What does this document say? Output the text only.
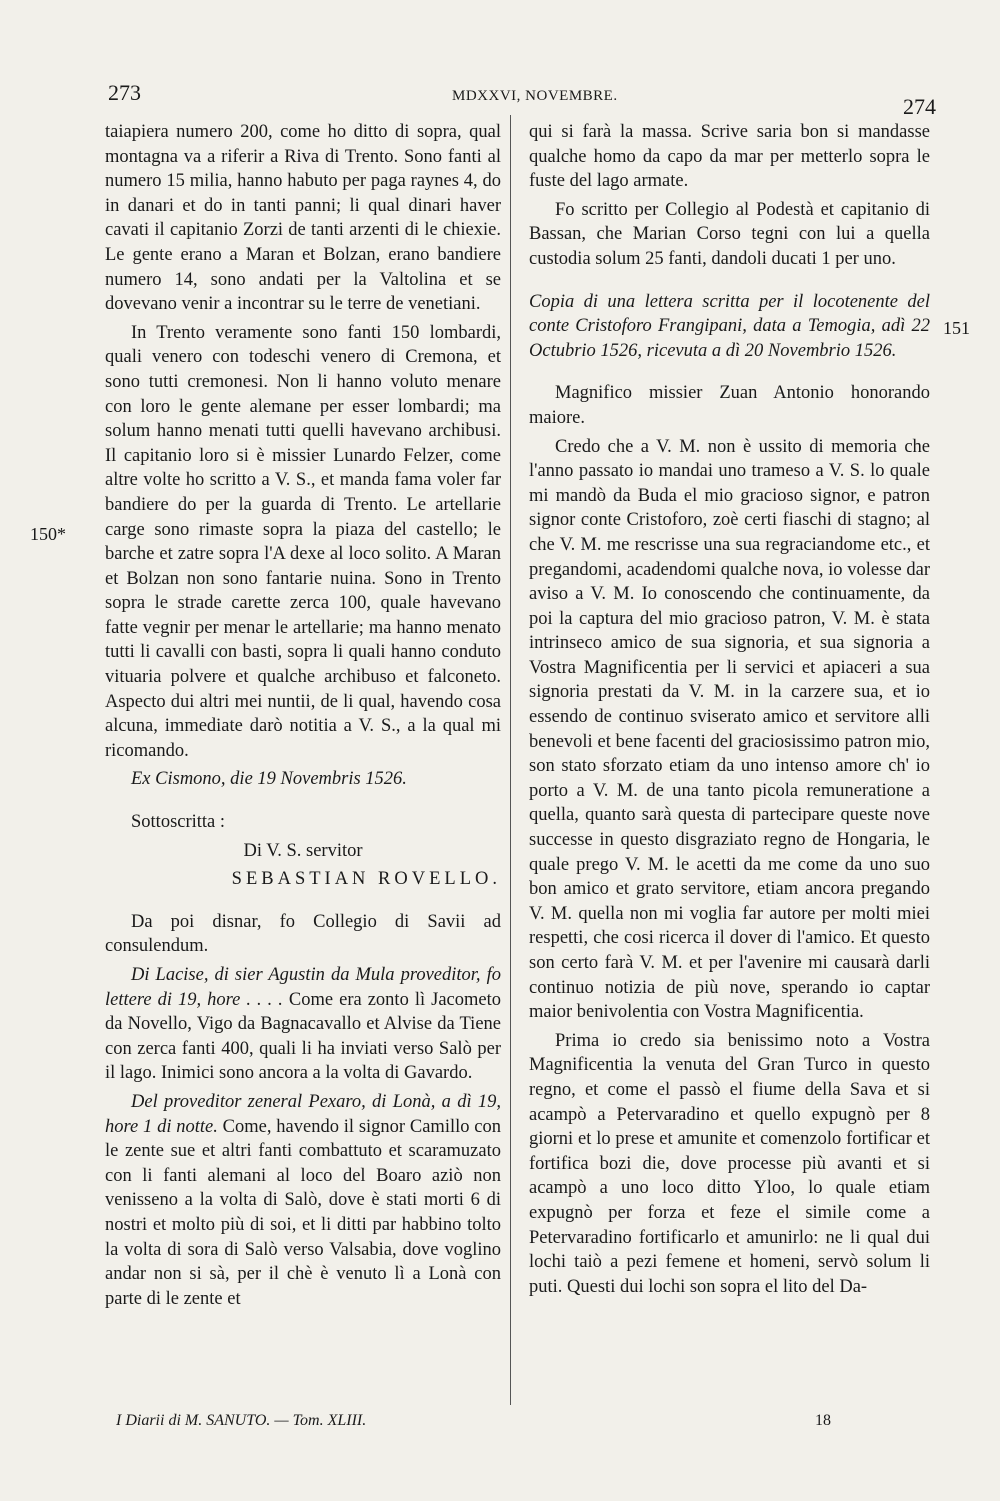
273	MDXXVI, NOVEMBRE.	274
150*
151

taiapiera numero 200, come ho ditto di sopra, qual montagna va a riferir a Riva di Trento. Sono fanti al numero 15 milia, hanno habuto per paga raynes 4, do in danari et do in tanti panni; li qual dinari haver cavati il capitanio Zorzi de tanti arzenti di le chiexie. Le gente erano a Maran et Bolzan, erano bandiere numero 14, sono andati per la Valtolina et se dovevano venir a incontrar su le terre de venetiani.

In Trento veramente sono fanti 150 lombardi, quali venero con todeschi venero di Cremona, et sono tutti cremonesi. Non li hanno voluto menare con loro le gente alemane per esser lombardi; ma solum hanno menati tutti quelli havevano archibusi. Il capitanio loro si è missier Lunardo Felzer, come altre volte ho scritto a V. S., et manda fama voler far bandiere do per la guarda di Trento. Le artellarie carge sono rimaste sopra la piaza del castello; le barche et zatre sopra l'A dexe al loco solito. A Maran et Bolzan non sono fantarie nuina. Sono in Trento sopra le strade carette zerca 100, quale havevano fatte vegnir per menar le artellarie; ma hanno menato tutti li cavalli con basti, sopra li quali hanno conduto vituaria polvere et qualche archibuso et falconeto. Aspecto dui altri mei nuntii, de li qual, havendo cosa alcuna, immediate darò notitia a V. S., a la qual mi ricomando.

Ex Cismono, die 19 Novembris 1526.

Sottoscritta :

Di V. S. servitor

SEBASTIAN ROVELLO.

Da poi disnar, fo Collegio di Savii ad consulendum.

Di Lacise, di sier Agustin da Mula proveditor, fo lettere di 19, hore . . . . Come era zonto lì Jacometo da Novello, Vigo da Bagnacavallo et Alvise da Tiene con zerca fanti 400, quali li ha inviati verso Salò per il lago. Inimici sono ancora a la volta di Gavardo.

Del proveditor zeneral Pexaro, di Lonà, a dì 19, hore 1 di notte. Come, havendo il signor Camillo con le zente sue et altri fanti combattuto et scaramuzato con li fanti alemani al loco del Boaro aziò non venisseno a la volta di Salò, dove è stati morti 6 di nostri et molto più di soi, et li ditti par habbino tolto la volta di sora di Salò verso Valsabia, dove voglino andar non si sà, per il chè è venuto lì a Lonà con parte di le zente et

qui si farà la massa. Scrive saria bon si mandasse qualche homo da capo da mar per metterlo sopra le fuste del lago armate.

Fo scritto per Collegio al Podestà et capitanio di Bassan, che Marian Corso tegni con lui a quella custodia solum 25 fanti, dandoli ducati 1 per uno.

Copia di una lettera scritta per il locotenente del conte Cristoforo Frangipani, data a Temogia, adì 22 Octubrio 1526, ricevuta a dì 20 Novembrio 1526.

Magnifico missier Zuan Antonio honorando maiore.

Credo che a V. M. non è ussito di memoria che l'anno passato io mandai uno trameso a V. S. lo quale mi mandò da Buda el mio gracioso signor, e patron signor conte Cristoforo, zoè certi fiaschi di stagno; al che V. M. me rescrisse una sua regraciandome etc., et pregandomi, acadendomi qualche nova, io volesse dar aviso a V. M. Io conoscendo che continuamente, da poi la captura del mio gracioso patron, V. M. è stata intrinseco amico de sua signoria, et sua signoria a Vostra Magnificentia per li servici et apiaceri a sua signoria prestati da V. M. in la carzere sua, et io essendo de continuo sviserato amico et servitore alli benevoli et bene facenti del graciosissimo patron mio, son stato sforzato etiam da uno intenso amore ch' io porto a V. M. de una tanto picola remuneratione a quella, quanto sarà questa di partecipare queste nove successe in questo disgraziato regno de Hongaria, le quale prego V. M. le acetti da me come da uno suo bon amico et grato servitore, etiam ancora pregando V. M. quella non mi voglia far autore per molti miei respetti, che cosi ricerca il dover di l'amico. Et questo son certo farà V. M. et per l'avenire mi causarà darli continuo notizia de più nove, sperando io captar maior benivolentia con Vostra Magnificentia.

Prima io credo sia benissimo noto a Vostra Magnificentia la venuta del Gran Turco in questo regno, et come el passò el fiume della Sava et si acampò a Petervaradino et quello expugnò per 8 giorni et lo prese et amunite et comenzolo fortificar et fortifica bozi die, dove processe più avanti et si acampò a uno loco ditto Yloo, lo quale etiam expugnò per forza et feze el simile come a Petervaradino fortificarlo et amunirlo: ne li qual dui lochi taiò a pezi femene et homeni, servò solum li puti. Questi dui lochi son sopra el lito del Da-

I Diarii di M. SANUTO. — Tom. XLIII.	18
